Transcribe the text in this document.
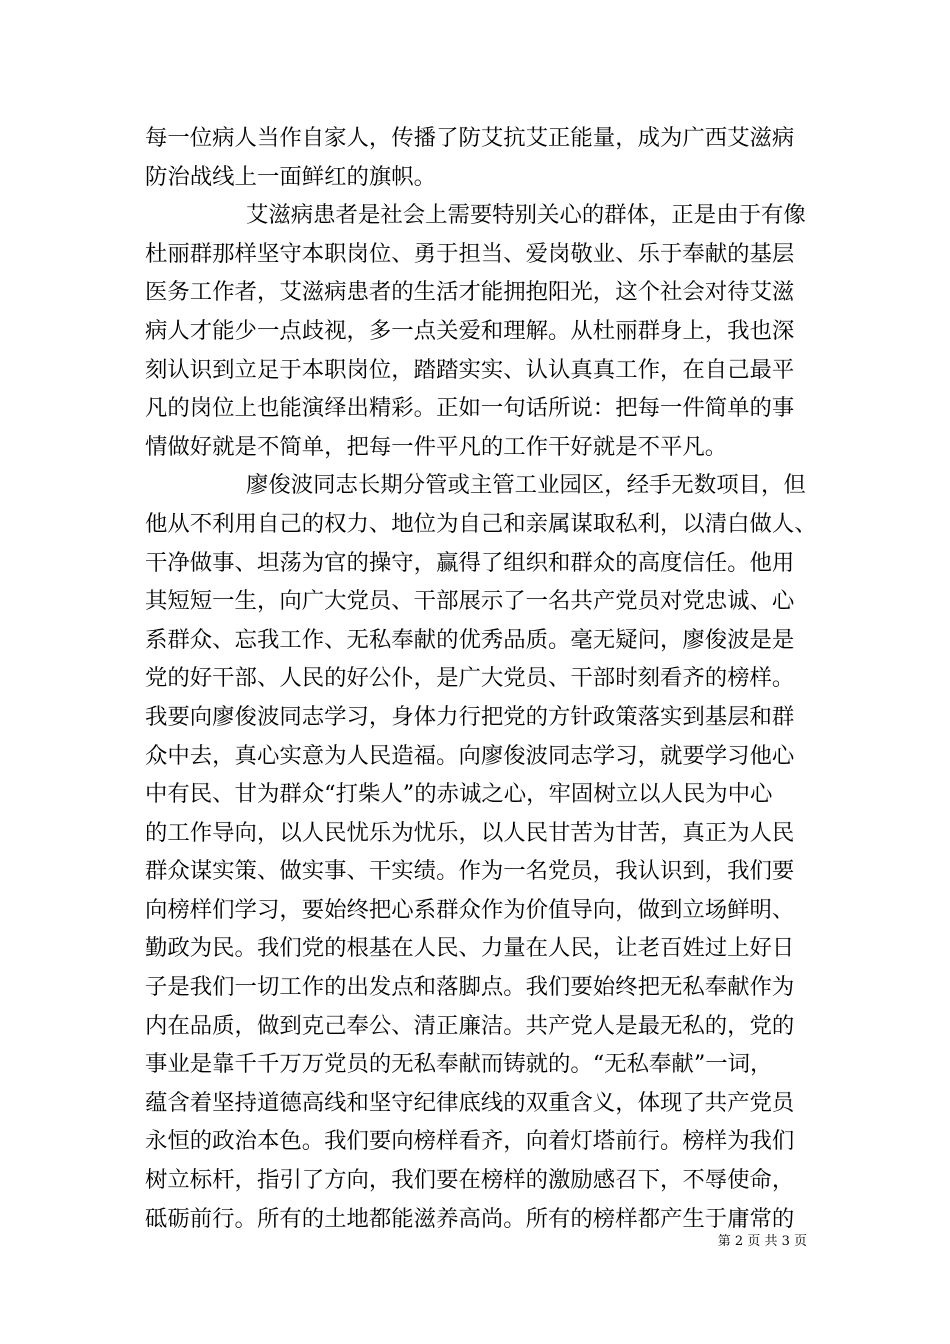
每一位病人当作自家人，传播了防艾抗艾正能量，成为广西艾滋病
防治战线上一面鲜红的旗帜。
艾滋病患者是社会上需要特别关心的群体，正是由于有像
杜丽群那样坚守本职岗位、勇于担当、爱岗敬业、乐于奉献的基层
医务工作者，艾滋病患者的生活才能拥抱阳光，这个社会对待艾滋
病人才能少一点歧视，多一点关爱和理解。从杜丽群身上，我也深
刻认识到立足于本职岗位，踏踏实实、认认真真工作，在自己最平
凡的岗位上也能演绎出精彩。正如一句话所说：把每一件简单的事
情做好就是不简单，把每一件平凡的工作干好就是不平凡。
廖俊波同志长期分管或主管工业园区，经手无数项目，但
他从不利用自己的权力、地位为自己和亲属谋取私利，以清白做人、
干净做事、坦荡为官的操守，赢得了组织和群众的高度信任。他用
其短短一生，向广大党员、干部展示了一名共产党员对党忠诚、心
系群众、忘我工作、无私奉献的优秀品质。毫无疑问，廖俊波是是
党的好干部、人民的好公仆，是广大党员、干部时刻看齐的榜样。
我要向廖俊波同志学习，身体力行把党的方针政策落实到基层和群
众中去，真心实意为人民造福。向廖俊波同志学习，就要学习他心
中有民、甘为群众“打柴人”的赤诚之心，牢固树立以人民为中心
的工作导向，以人民忧乐为忧乐，以人民甘苦为甘苦，真正为人民
群众谋实策、做实事、干实绩。作为一名党员，我认识到，我们要
向榜样们学习，要始终把心系群众作为价值导向，做到立场鲜明、
勤政为民。我们党的根基在人民、力量在人民，让老百姓过上好日
子是我们一切工作的出发点和落脚点。我们要始终把无私奉献作为
内在品质，做到克己奉公、清正廉洁。共产党人是最无私的，党的
事业是靠千千万万党员的无私奉献而铸就的。“无私奉献”一词，
蕴含着坚持道德高线和坚守纪律底线的双重含义，体现了共产党员
永恒的政治本色。我们要向榜样看齐，向着灯塔前行。榜样为我们
树立标杆，指引了方向，我们要在榜样的激励感召下，不辱使命，
砥砺前行。所有的土地都能滋养高尚。所有的榜样都产生于庸常的
第 2 页 共 3 页
